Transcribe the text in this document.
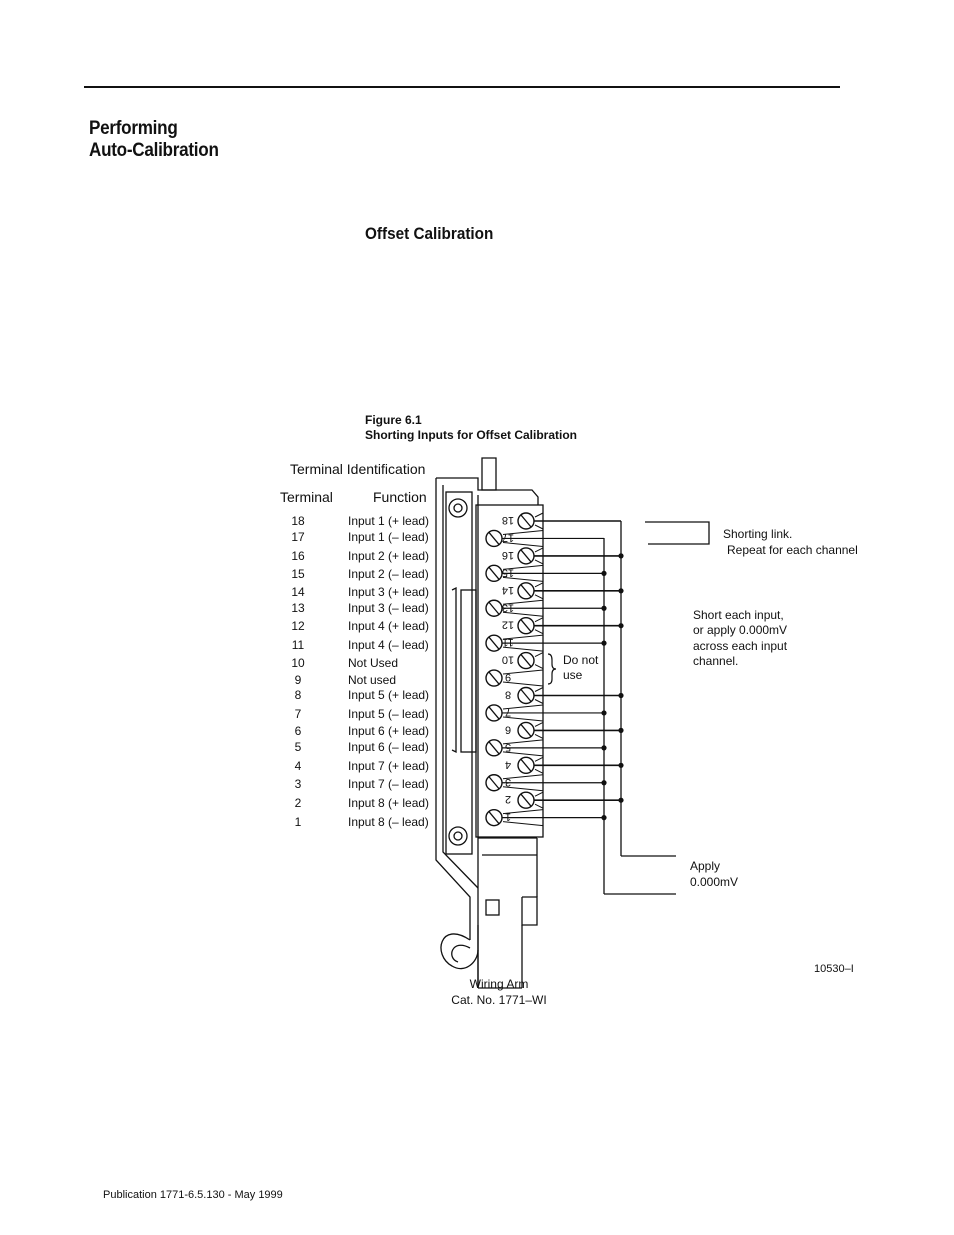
Performing
Auto-Calibration
Offset Calibration
Figure 6.1
Shorting Inputs for Offset Calibration
Terminal Identification
Terminal	Function
18	Input 1 (+ lead)
17	Input 1 (– lead)
16	Input 2 (+ lead)
15	Input 2 (– lead)
14	Input 3 (+ lead)
13	Input 3 (– lead)
12	Input 4 (+ lead)
11	Input 4 (– lead)
10	Not Used
9	Not used
8	Input 5 (+ lead)
7	Input 5 (– lead)
6	Input 6 (+ lead)
5	Input 6 (– lead)
4	Input 7 (+ lead)
3	Input 7 (– lead)
2	Input 8 (+ lead)
1	Input 8 (– lead)
18
17
16
15
14
13
12
11
10
9
8
7
6
5
4
3
2
1
Do not
use
Shorting link.
Repeat for each channel
Short each input,
or apply 0.000mV
across each input
channel.
Apply
0.000mV
10530–I
Wiring Arm
Cat. No. 1771–WI
Publication 1771-6.5.130 - May 1999
